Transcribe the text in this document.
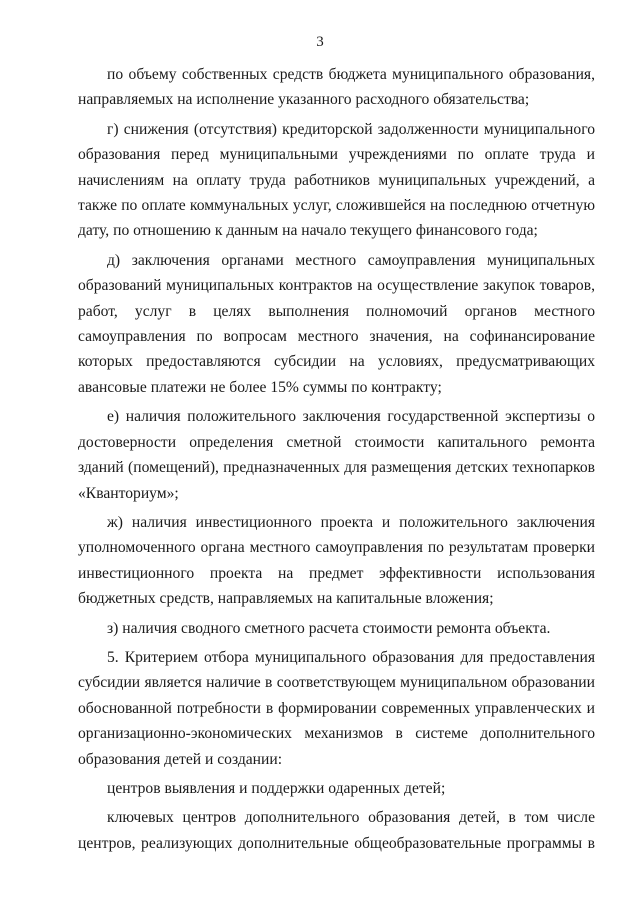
3

по объему собственных средств бюджета муниципального образования, направляемых на исполнение указанного расходного обязательства;

г) снижения (отсутствия) кредиторской задолженности муниципального образования перед муниципальными учреждениями по оплате труда и начислениям на оплату труда работников муниципальных учреждений, а также по оплате коммунальных услуг, сложившейся на последнюю отчетную дату, по отношению к данным на начало текущего финансового года;

д) заключения органами местного самоуправления муниципальных образований муниципальных контрактов на осуществление закупок товаров, работ, услуг в целях выполнения полномочий органов местного самоуправления по вопросам местного значения, на софинансирование которых предоставляются субсидии на условиях, предусматривающих авансовые платежи не более 15% суммы по контракту;

е) наличия положительного заключения государственной экспертизы о достоверности определения сметной стоимости капитального ремонта зданий (помещений), предназначенных для размещения детских технопарков «Кванториум»;

ж) наличия инвестиционного проекта и положительного заключения уполномоченного органа местного самоуправления по результатам проверки инвестиционного проекта на предмет эффективности использования бюджетных средств, направляемых на капитальные вложения;

з) наличия сводного сметного расчета стоимости ремонта объекта.

5. Критерием отбора муниципального образования для предоставления субсидии является наличие в соответствующем муниципальном образовании обоснованной потребности в формировании современных управленческих и организационно-экономических механизмов в системе дополнительного образования детей и создании:

центров выявления и поддержки одаренных детей;

ключевых центров дополнительного образования детей, в том числе центров, реализующих дополнительные общеобразовательные программы в
